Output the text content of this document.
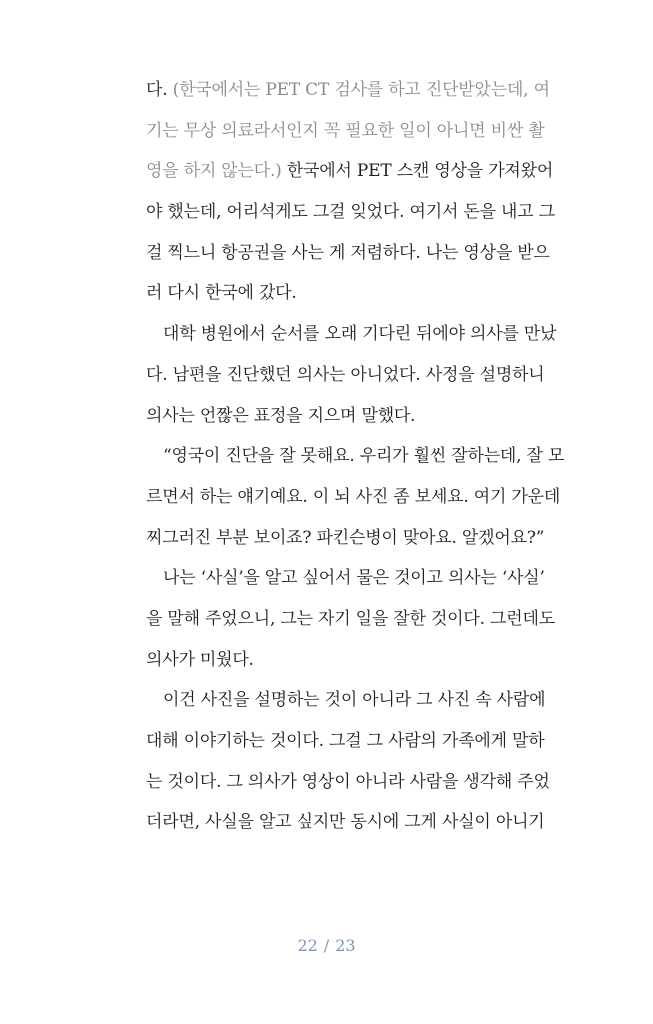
다. (한국에서는 PET CT 검사를 하고 진단받았는데, 여
기는 무상 의료라서인지 꼭 필요한 일이 아니면 비싼 촬
영을 하지 않는다.) 한국에서 PET 스캔 영상을 가져왔어
야 했는데, 어리석게도 그걸 잊었다. 여기서 돈을 내고 그
걸 찍느니 항공권을 사는 게 저렴하다. 나는 영상을 받으
러 다시 한국에 갔다.
대학 병원에서 순서를 오래 기다린 뒤에야 의사를 만났
다. 남편을 진단했던 의사는 아니었다. 사정을 설명하니
의사는 언짢은 표정을 지으며 말했다.
“영국이 진단을 잘 못해요. 우리가 훨씬 잘하는데, 잘 모
르면서 하는 얘기예요. 이 뇌 사진 좀 보세요. 여기 가운데
찌그러진 부분 보이죠? 파킨슨병이 맞아요. 알겠어요?”
나는 ‘사실’을 알고 싶어서 물은 것이고 의사는 ‘사실’
을 말해 주었으니, 그는 자기 일을 잘한 것이다. 그런데도
의사가 미웠다.
이건 사진을 설명하는 것이 아니라 그 사진 속 사람에
대해 이야기하는 것이다. 그걸 그 사람의 가족에게 말하
는 것이다. 그 의사가 영상이 아니라 사람을 생각해 주었
더라면, 사실을 알고 싶지만 동시에 그게 사실이 아니기
22 / 23
